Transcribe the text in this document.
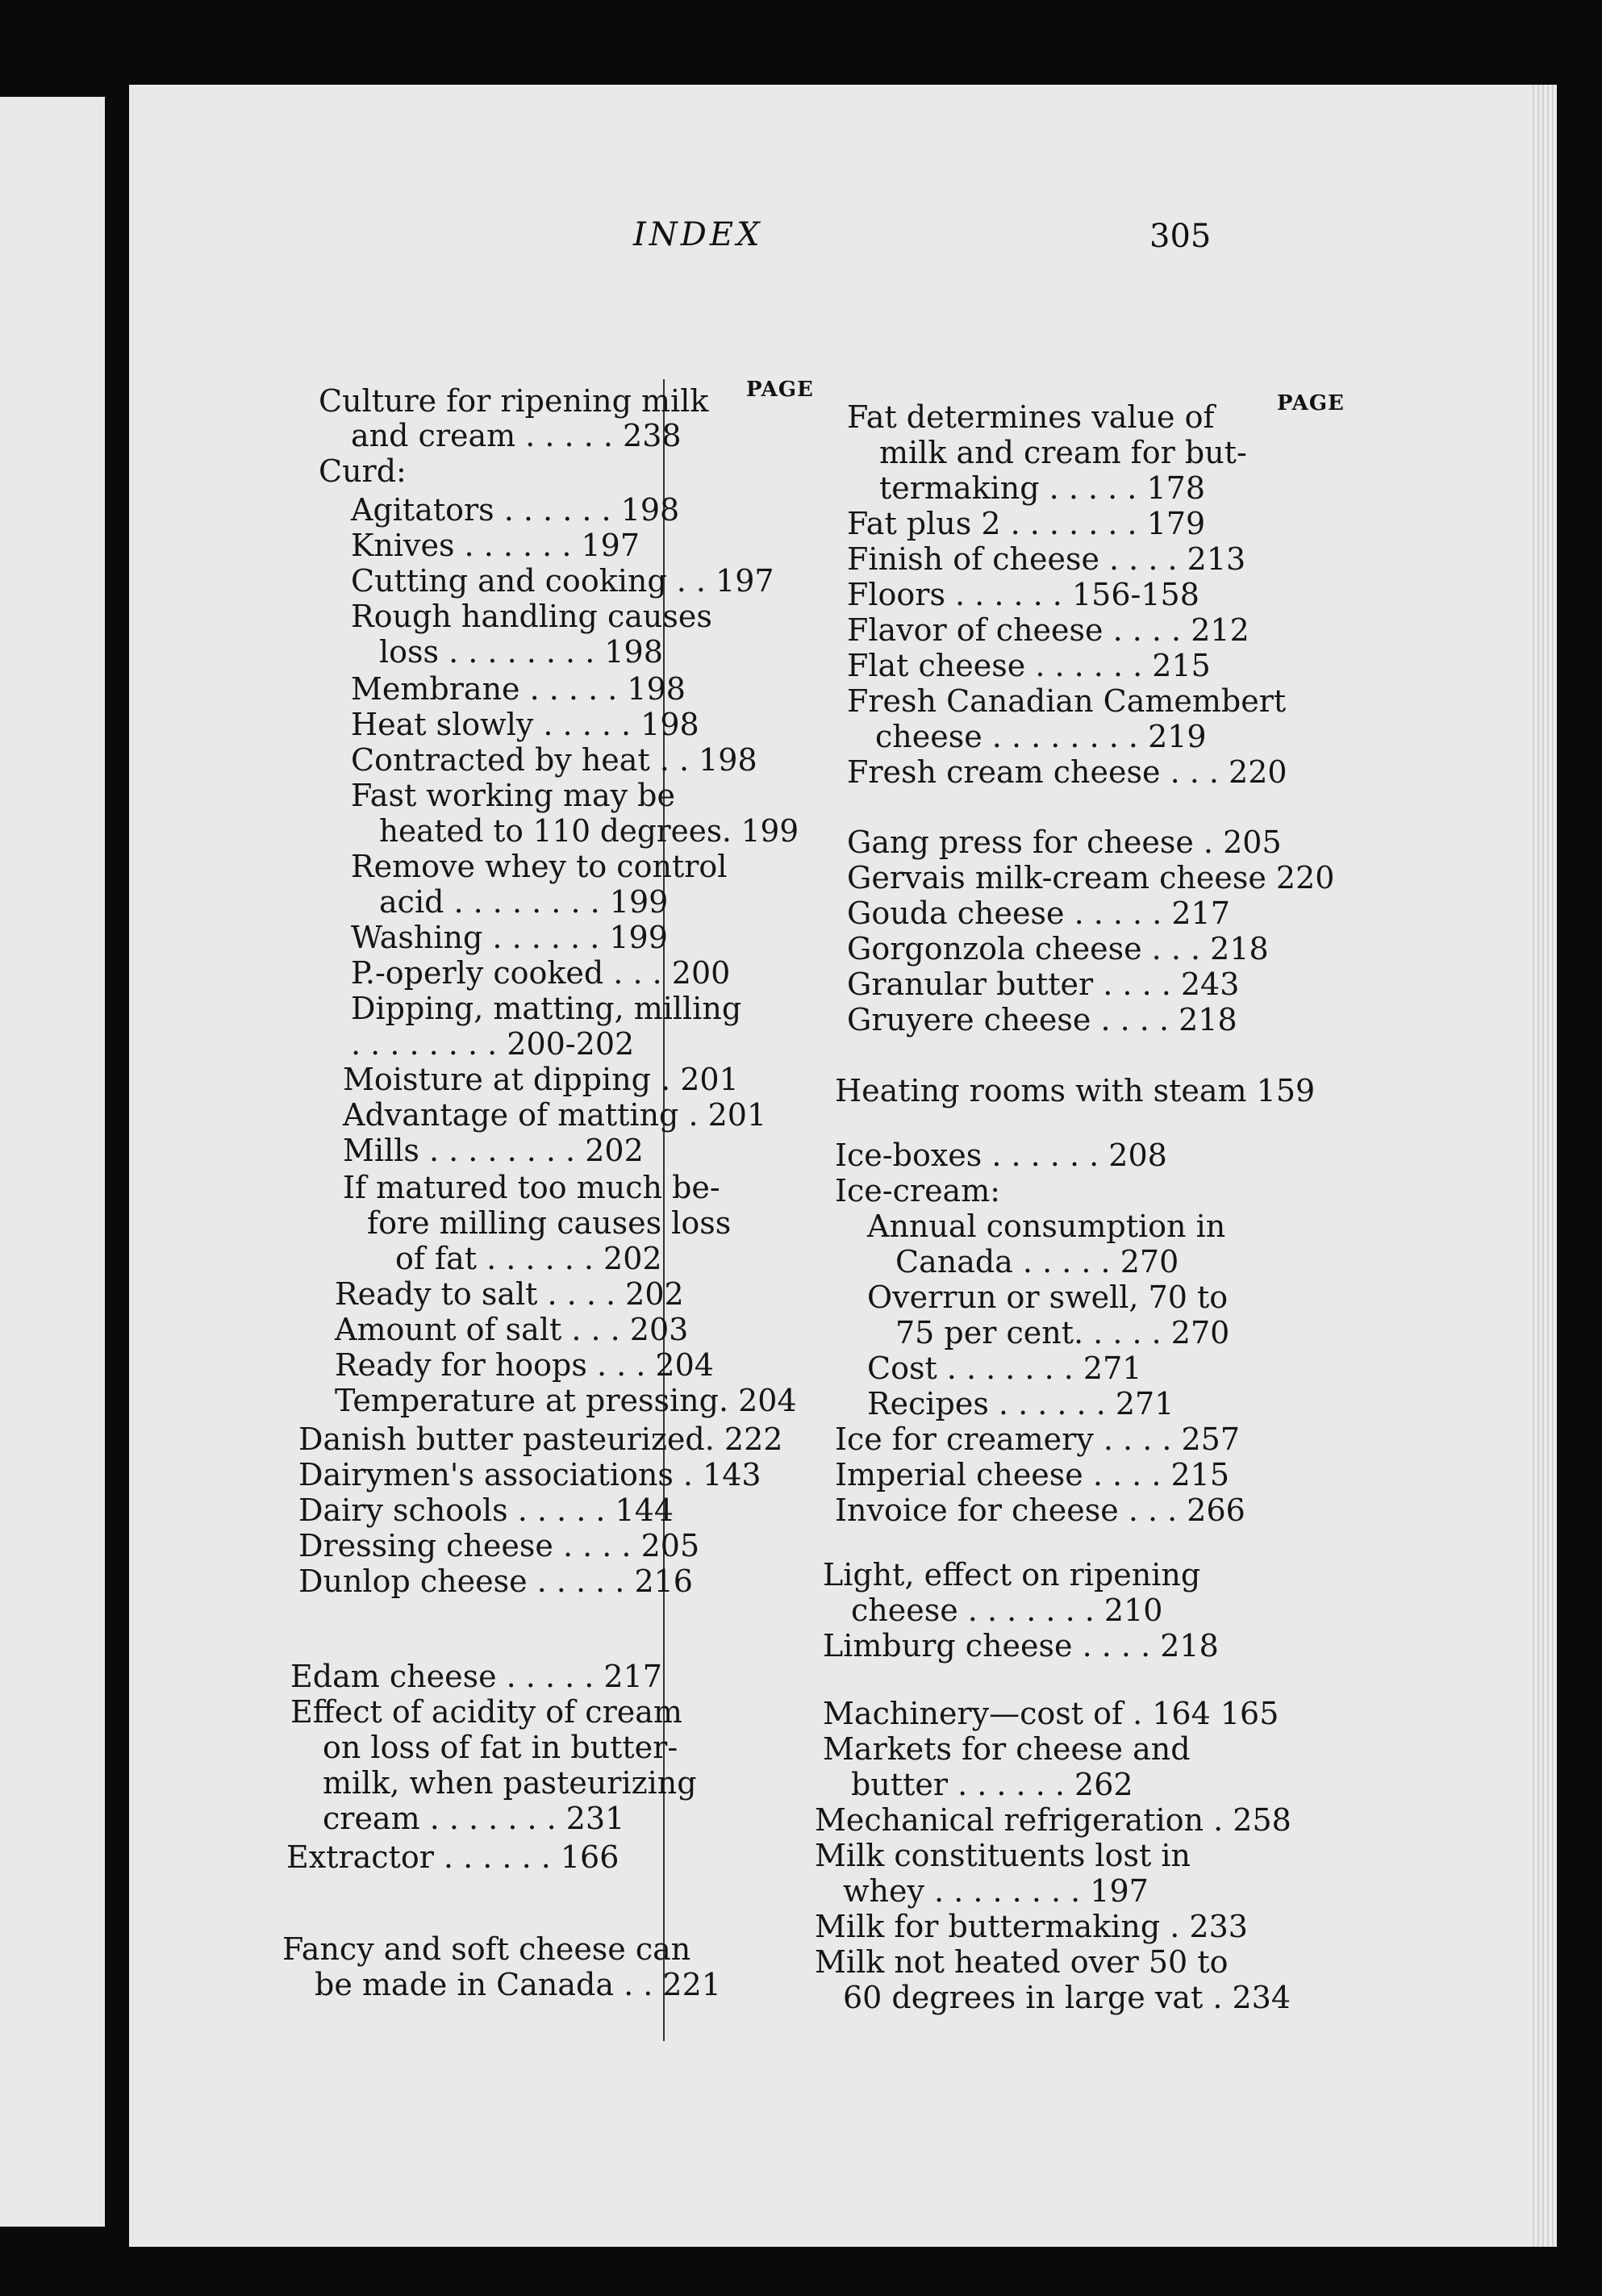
INDEX	305
PAGE
PAGE
Culture for ripening milk
and cream . . . . . 238
Curd:
Agitators . . . . . . 198
Knives . . . . . . 197
Cutting and cooking . . 197
Rough handling causes
loss . . . . . . . . 198
Membrane . . . . . 198
Heat slowly . . . . . 198
Contracted by heat . . 198
Fast working may be
heated to 110 degrees. 199
Remove whey to control
acid . . . . . . . . 199
Washing . . . . . . 199
P.-operly cooked . . . 200
Dipping, matting, milling
. . . . . . . . 200-202
Moisture at dipping . 201
Advantage of matting . 201
Mills . . . . . . . . 202
If matured too much be-
fore milling causes loss
of fat . . . . . . 202
Ready to salt . . . . 202
Amount of salt . . . 203
Ready for hoops . . . 204
Temperature at pressing. 204
Danish butter pasteurized. 222
Dairymen's associations . 143
Dairy schools . . . . . 144
Dressing cheese . . . . 205
Dunlop cheese . . . . . 216
Edam cheese . . . . . 217
Effect of acidity of cream
on loss of fat in butter-
milk, when pasteurizing
cream . . . . . . . 231
Extractor . . . . . . 166
Fancy and soft cheese can
be made in Canada . . 221
Fat determines value of
milk and cream for but-
termaking . . . . . 178
Fat plus 2 . . . . . . . 179
Finish of cheese . . . . 213
Floors . . . . . . 156-158
Flavor of cheese . . . . 212
Flat cheese . . . . . . 215
Fresh Canadian Camembert
cheese . . . . . . . . 219
Fresh cream cheese . . . 220
Gang press for cheese . 205
Gervais milk-cream cheese 220
Gouda cheese . . . . . 217
Gorgonzola cheese . . . 218
Granular butter . . . . 243
Gruyere cheese . . . . 218
Heating rooms with steam 159
Ice-boxes . . . . . . 208
Ice-cream:
Annual consumption in
Canada . . . . . 270
Overrun or swell, 70 to
75 per cent. . . . . 270
Cost . . . . . . . 271
Recipes . . . . . . 271
Ice for creamery . . . . 257
Imperial cheese . . . . 215
Invoice for cheese . . . 266
Light, effect on ripening
cheese . . . . . . . 210
Limburg cheese . . . . 218
Machinery—cost of . 164 165
Markets for cheese and
butter . . . . . . 262
Mechanical refrigeration . 258
Milk constituents lost in
whey . . . . . . . . 197
Milk for buttermaking . 233
Milk not heated over 50 to
60 degrees in large vat . 234
